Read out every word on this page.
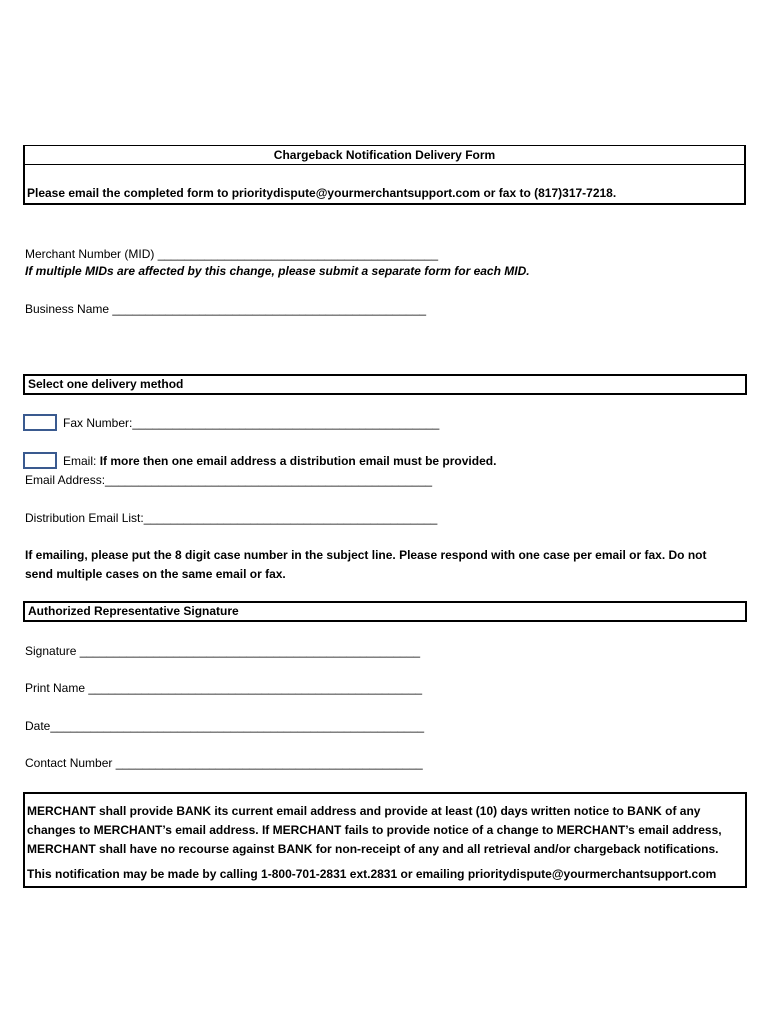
Chargeback Notification Delivery Form
Please email the completed form to prioritydispute@yourmerchantsupport.com or fax to (817)317-7218.
Merchant Number (MID) __________________________________________
If multiple MIDs are affected by this change, please submit a separate form for each MID.
Business Name _______________________________________________
Select one delivery method
Fax Number:______________________________________________
Email: If more then one email address a distribution email must be provided.
Email Address:_________________________________________________
Distribution Email List:____________________________________________
If emailing, please put the 8 digit case number in the subject line. Please respond with one case per email or fax. Do not send multiple cases on the same email or fax.
Authorized Representative Signature
Signature ___________________________________________________
Print Name __________________________________________________
Date________________________________________________________
Contact Number ______________________________________________
MERCHANT shall provide BANK its current email address and provide at least (10) days written notice to BANK of any changes to MERCHANT’s email address. If MERCHANT fails to provide notice of a change to MERCHANT’s email address, MERCHANT shall have no recourse against BANK for non-receipt of any and all retrieval and/or chargeback notifications.
This notification may be made by calling 1-800-701-2831 ext.2831 or emailing prioritydispute@yourmerchantsupport.com
